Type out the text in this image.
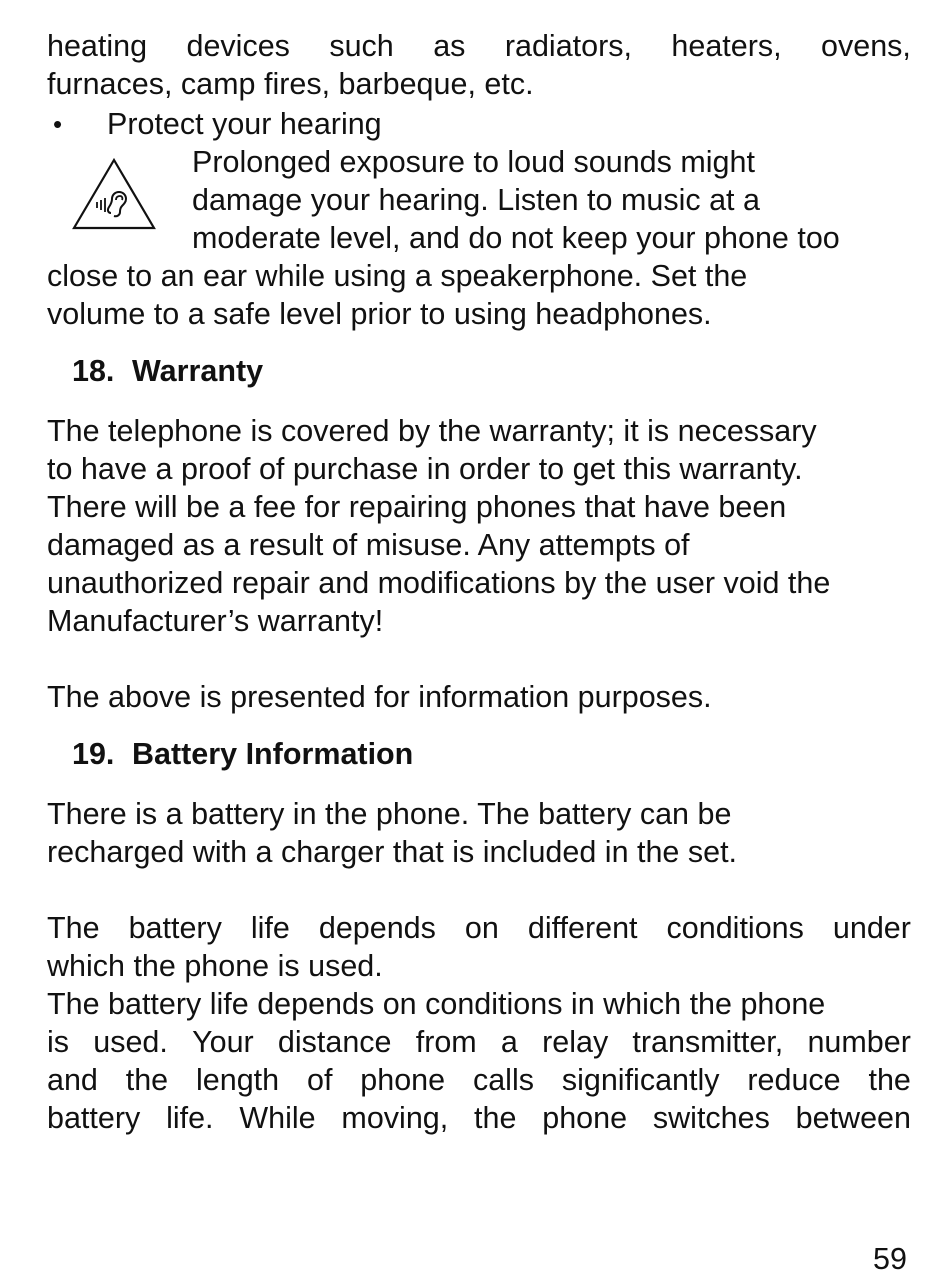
heating devices such as radiators, heaters, ovens,
furnaces, camp fires, barbeque, etc.
• Protect your hearing
Prolonged exposure to loud sounds might
damage your hearing. Listen to music at a
moderate level, and do not keep your phone too
close to an ear while using a speakerphone. Set the
volume to a safe level prior to using headphones.
18. Warranty
The telephone is covered by the warranty; it is necessary
to have a proof of purchase in order to get this warranty.
There will be a fee for repairing phones that have been
damaged as a result of misuse. Any attempts of
unauthorized repair and modifications by the user void the
Manufacturer’s warranty!
The above is presented for information purposes.
19. Battery Information
There is a battery in the phone. The battery can be
recharged with a charger that is included in the set.
The battery life depends on different conditions under
which the phone is used.
The battery life depends on conditions in which the phone
is used. Your distance from a relay transmitter, number
and the length of phone calls significantly reduce the
battery life. While moving, the phone switches between
59
